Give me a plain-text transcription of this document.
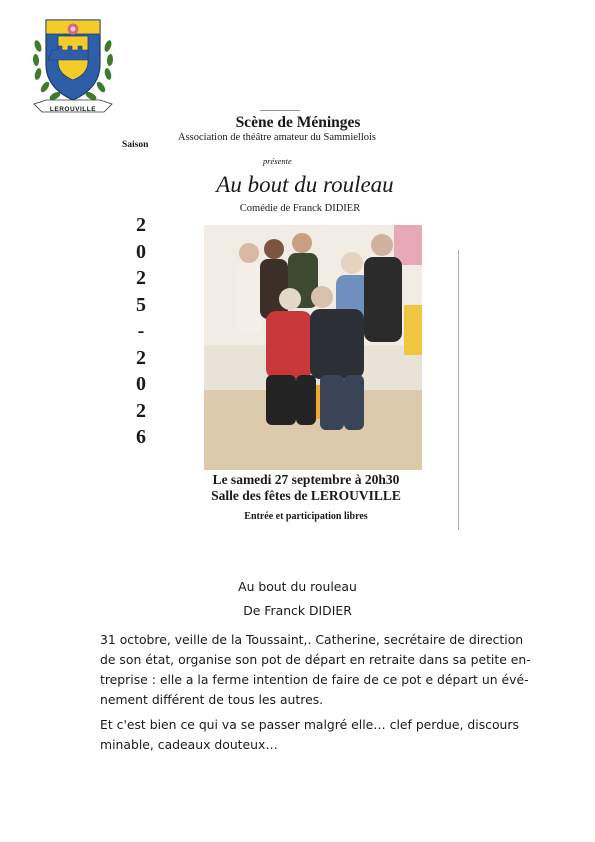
LEROUVILLE
Scène de Méninges
Association de théâtre amateur du Sammiellois
Saison
présente
Au bout du rouleau
Comédie de Franck DIDIER
2
0
2
5
-
2
0
2
6
Le samedi 27 septembre à 20h30
Salle des fêtes de LEROUVILLE
Entrée et participation libres
Au bout du rouleau
De Franck DIDIER
31 octobre, veille de la Toussaint,. Catherine, secrétaire de direction
de son état, organise son pot de départ en retraite dans sa petite en-
treprise : elle a la ferme intention de faire de ce pot e départ un évé-
nement différent de tous les autres.
Et c'est bien ce qui va se passer malgré elle… clef perdue, discours
minable, cadeaux douteux…
